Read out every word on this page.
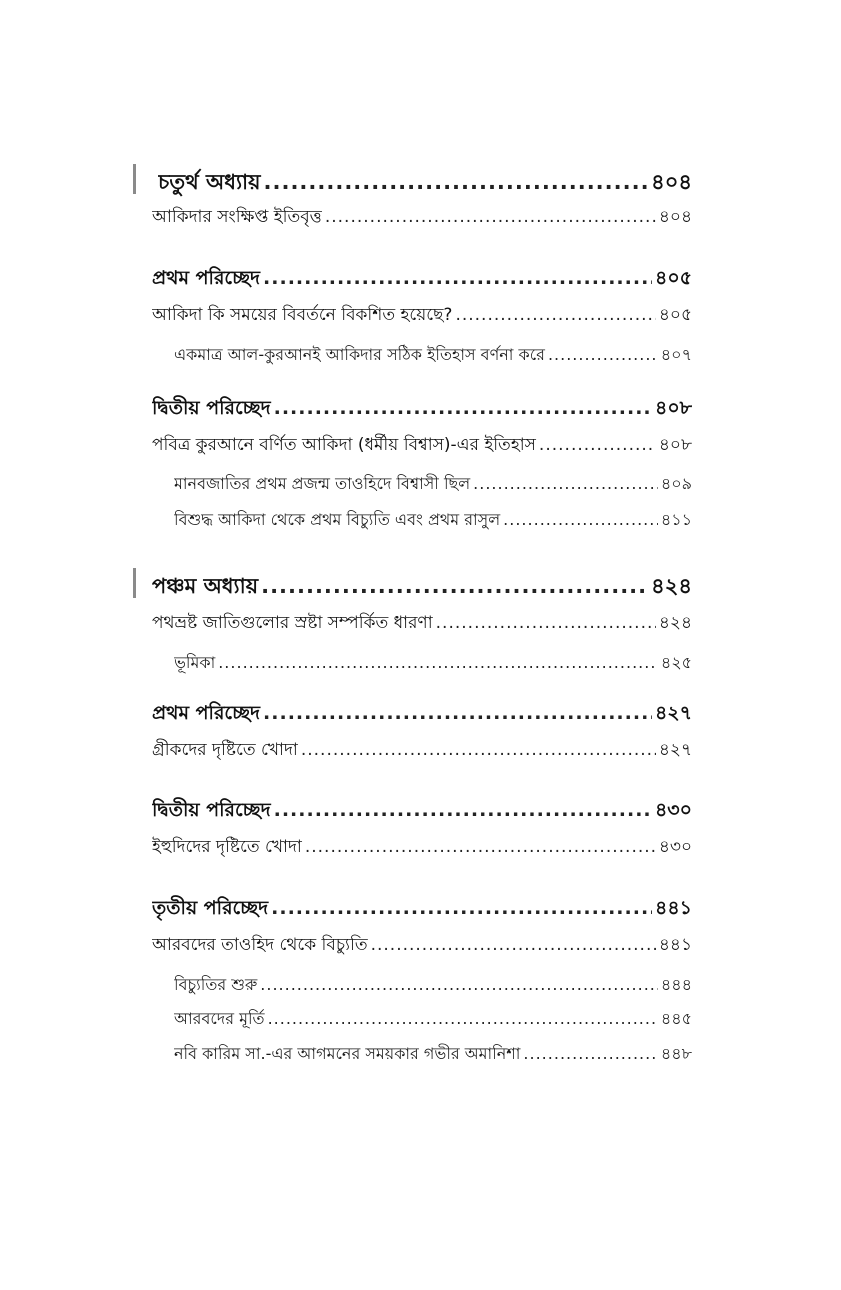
চতুর্থ অধ্যায় .....	৪০৪
আকিদার সংক্ষিপ্ত ইতিবৃত্ত .....	৪০৪
প্রথম পরিচ্ছেদ .....	৪০৫
আকিদা কি সময়ের বিবর্তনে বিকশিত হয়েছে? .....	৪০৫
একমাত্র আল-কুরআনই আকিদার সঠিক ইতিহাস বর্ণনা করে .....	৪০৭
দ্বিতীয় পরিচ্ছেদ .....	৪০৮
পবিত্র কুরআনে বর্ণিত আকিদা (ধর্মীয় বিশ্বাস)-এর ইতিহাস .....	৪০৮
মানবজাতির প্রথম প্রজন্ম তাওহিদে বিশ্বাসী ছিল .....	৪০৯
বিশুদ্ধ আকিদা থেকে প্রথম বিচ্যুতি এবং প্রথম রাসুল .....	৪১১
পঞ্চম অধ্যায় .....	৪২৪
পথভ্রষ্ট জাতিগুলোর স্রষ্টা সম্পর্কিত ধারণা .....	৪২৪
ভূমিকা .....	৪২৫
প্রথম পরিচ্ছেদ .....	৪২৭
গ্রীকদের দৃষ্টিতে খোদা .....	৪২৭
দ্বিতীয় পরিচ্ছেদ .....	৪৩০
ইহুদিদের দৃষ্টিতে খোদা .....	৪৩০
তৃতীয় পরিচ্ছেদ .....	৪৪১
আরবদের তাওহিদ থেকে বিচ্যুতি .....	৪৪১
বিচ্যুতির শুরু .....	৪৪৪
আরবদের মূর্তি .....	৪৪৫
নবি কারিম সা.-এর আগমনের সময়কার গভীর অমানিশা .....	৪৪৮
